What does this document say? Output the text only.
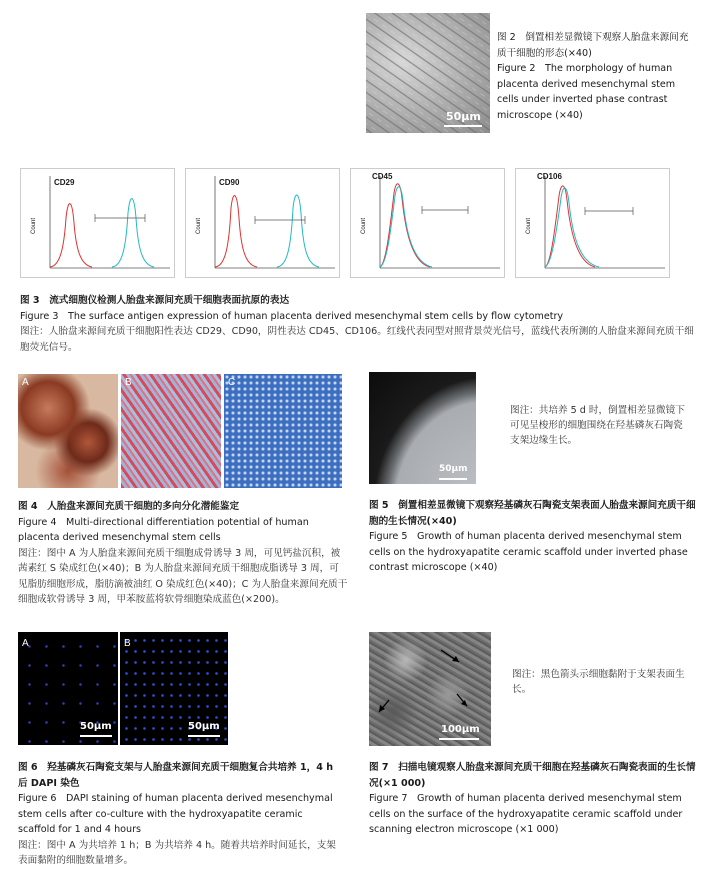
50μm
图 2　倒置相差显微镜下观察人胎盘来源间充质干细胞的形态(×40)
Figure 2　The morphology of human placenta derived mesenchymal stem cells under inverted phase contrast microscope (×40)
CD29
Count
CD90
Count
CD45
Count
CD106
Count
图 3　流式细胞仪检测人胎盘来源间充质干细胞表面抗原的表达
Figure 3　The surface antigen expression of human placenta derived mesenchymal stem cells by flow cytometry
图注：人胎盘来源间充质干细胞阳性表达 CD29、CD90，阴性表达 CD45、CD106。红线代表同型对照背景荧光信号，蓝线代表所测的人胎盘来源间充质干细胞荧光信号。
A	B	C
图 4　人胎盘来源间充质干细胞的多向分化潜能鉴定
Figure 4　Multi-directional differentiation potential of human placenta derived mesenchymal stem cells
图注：图中 A 为人胎盘来源间充质干细胞成骨诱导 3 周，可见钙盐沉积，被茜素红 S 染成红色(×40)；B 为人胎盘来源间充质干细胞成脂诱导 3 周，可见脂肪细胞形成，脂肪滴被油红 O 染成红色(×40)；C 为人胎盘来源间充质干细胞成软骨诱导 3 周，甲苯胺蓝将软骨细胞染成蓝色(×200)。
50μm
图注：共培养 5 d 时，倒置相差显微镜下可见呈梭形的细胞围绕在羟基磷灰石陶瓷支架边缘生长。
图 5　倒置相差显微镜下观察羟基磷灰石陶瓷支架表面人胎盘来源间充质干细胞的生长情况(×40)
Figure 5　Growth of human placenta derived mesenchymal stem cells on the hydroxyapatite ceramic scaffold under inverted phase contrast microscope (×40)
A
50μm
B
50μm
图 6　羟基磷灰石陶瓷支架与人胎盘来源间充质干细胞复合共培养 1，4 h 后 DAPI 染色
Figure 6　DAPI staining of human placenta derived mesenchymal stem cells after co-culture with the hydroxyapatite ceramic scaffold for 1 and 4 hours
图注：图中 A 为共培养 1 h；B 为共培养 4 h。随着共培养时间延长，支架表面黏附的细胞数量增多。
100μm
图注：黑色箭头示细胞黏附于支架表面生长。
图 7　扫描电镜观察人胎盘来源间充质干细胞在羟基磷灰石陶瓷表面的生长情况(×1 000)
Figure 7　Growth of human placenta derived mesenchymal stem cells on the surface of the hydroxyapatite ceramic scaffold under scanning electron microscope (×1 000)
